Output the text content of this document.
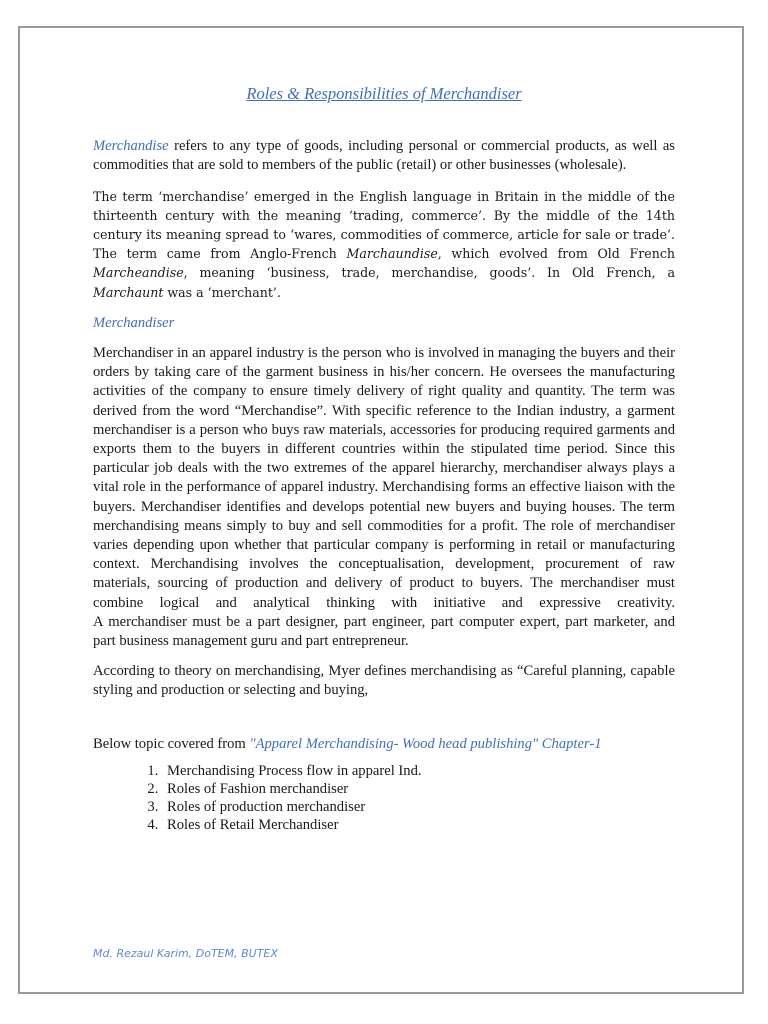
Roles & Responsibilities of Merchandiser

Merchandise refers to any type of goods, including personal or commercial products, as well as commodities that are sold to members of the public (retail) or other businesses (wholesale).

The term ‘merchandise’ emerged in the English language in Britain in the middle of the thirteenth century with the meaning ‘trading, commerce’. By the middle of the 14th century its meaning spread to ‘wares, commodities of commerce, article for sale or trade’. The term came from Anglo-French Marchaundise, which evolved from Old French Marcheandise, meaning ‘business, trade, merchandise, goods’. In Old French, a Marchaunt was a ‘merchant’.

Merchandiser

Merchandiser in an apparel industry is the person who is involved in managing the buyers and their orders by taking care of the garment business in his/her concern. He oversees the manufacturing activities of the company to ensure timely delivery of right quality and quantity. The term was derived from the word “Merchandise”. With specific reference to the Indian industry, a garment merchandiser is a person who buys raw materials, accessories for producing required garments and exports them to the buyers in different countries within the stipulated time period. Since this particular job deals with the two extremes of the apparel hierarchy, merchandiser always plays a vital role in the performance of apparel industry. Merchandising forms an effective liaison with the buyers. Merchandiser identifies and develops potential new buyers and buying houses. The term merchandising means simply to buy and sell commodities for a profit. The role of merchandiser varies depending upon whether that particular company is performing in retail or manufacturing context. Merchandising involves the conceptualisation, development, procurement of raw materials, sourcing of production and delivery of product to buyers. The merchandiser must combine logical and analytical thinking with initiative and expressive creativity.

A merchandiser must be a part designer, part engineer, part computer expert, part marketer, and part business management guru and part entrepreneur.

According to theory on merchandising, Myer defines merchandising as “Careful planning, capable styling and production or selecting and buying,

Below topic covered from "Apparel Merchandising- Wood head publishing" Chapter-1

1. Merchandising Process flow in apparel Ind.
2. Roles of Fashion merchandiser
3. Roles of production merchandiser
4. Roles of Retail Merchandiser
Md. Rezaul Karim, DoTEM, BUTEX
